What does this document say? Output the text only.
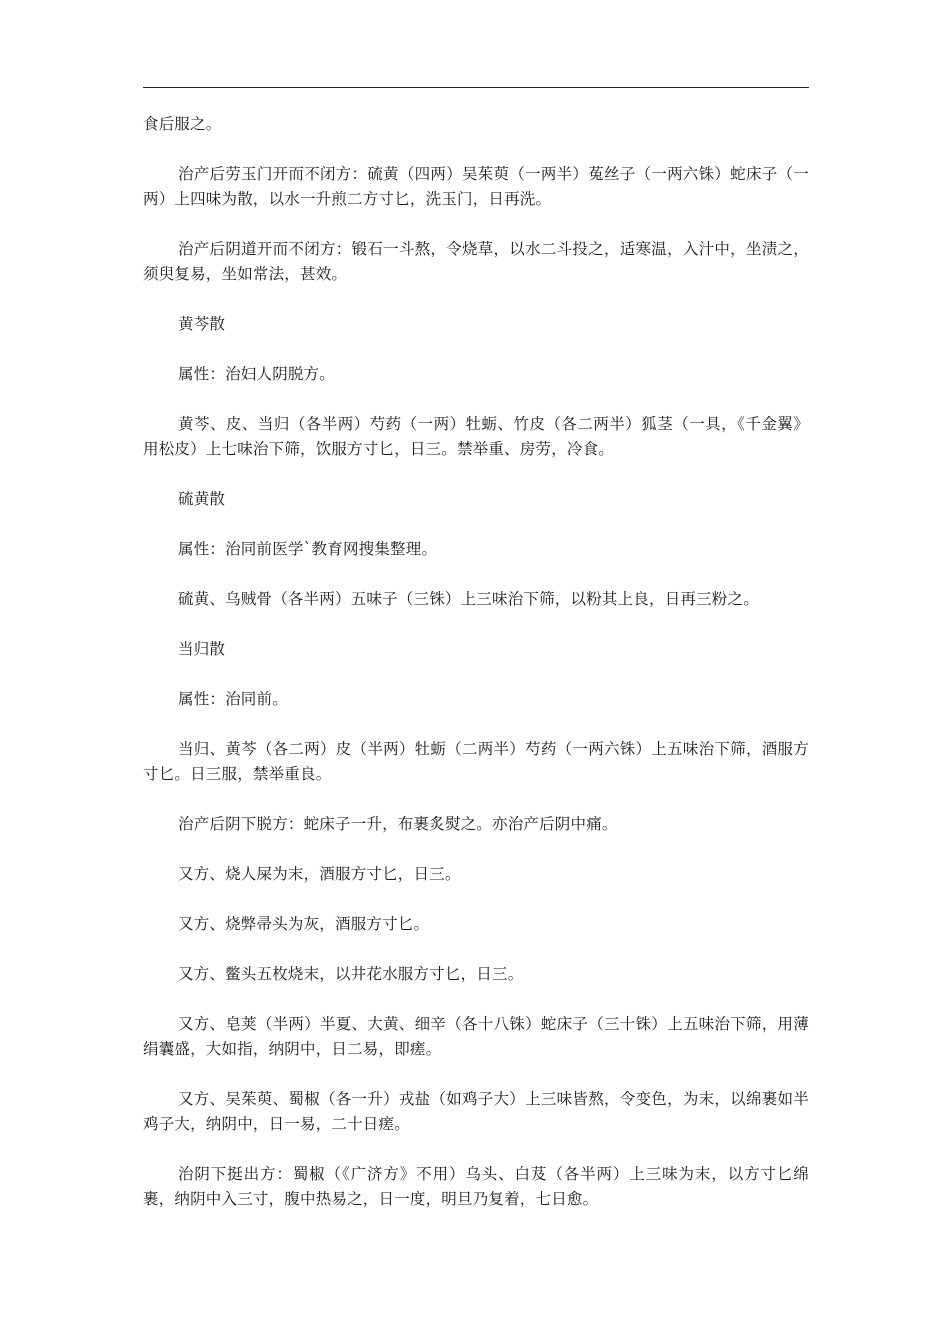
食后服之。

治产后劳玉门开而不闭方：硫黄（四两）吴茱萸（一两半）菟丝子（一两六铢）蛇床子（一两）上四味为散，以水一升煎二方寸匕，洗玉门，日再洗。

治产后阴道开而不闭方：锻石一斗熬，令烧草，以水二斗投之，适寒温，入汁中，坐渍之，须臾复易，坐如常法，甚效。

黄芩散

属性：治妇人阴脱方。

黄芩、皮、当归（各半两）芍药（一两）牡蛎、竹皮（各二两半）狐茎（一具，《千金翼》用松皮）上七味治下筛，饮服方寸匕，日三。禁举重、房劳，冷食。

硫黄散

属性：治同前医学`教育网搜集整理。

硫黄、乌贼骨（各半两）五味子（三铢）上三味治下筛，以粉其上良，日再三粉之。

当归散

属性：治同前。

当归、黄芩（各二两）皮（半两）牡蛎（二两半）芍药（一两六铢）上五味治下筛，酒服方寸匕。日三服，禁举重良。

治产后阴下脱方：蛇床子一升，布裹炙熨之。亦治产后阴中痛。

又方、烧人屎为末，酒服方寸匕，日三。

又方、烧弊帚头为灰，酒服方寸匕。

又方、鳖头五枚烧末，以井花水服方寸匕，日三。

又方、皂荚（半两）半夏、大黄、细辛（各十八铢）蛇床子（三十铢）上五味治下筛，用薄绢囊盛，大如指，纳阴中，日二易，即瘥。

又方、吴茱萸、蜀椒（各一升）戎盐（如鸡子大）上三味皆熬，令变色，为末，以绵裹如半鸡子大，纳阴中，日一易，二十日瘥。

治阴下挺出方：蜀椒（《广济方》不用）乌头、白芨（各半两）上三味为末，以方寸匕绵裹，纳阴中入三寸，腹中热易之，日一度，明旦乃复着，七日愈。
